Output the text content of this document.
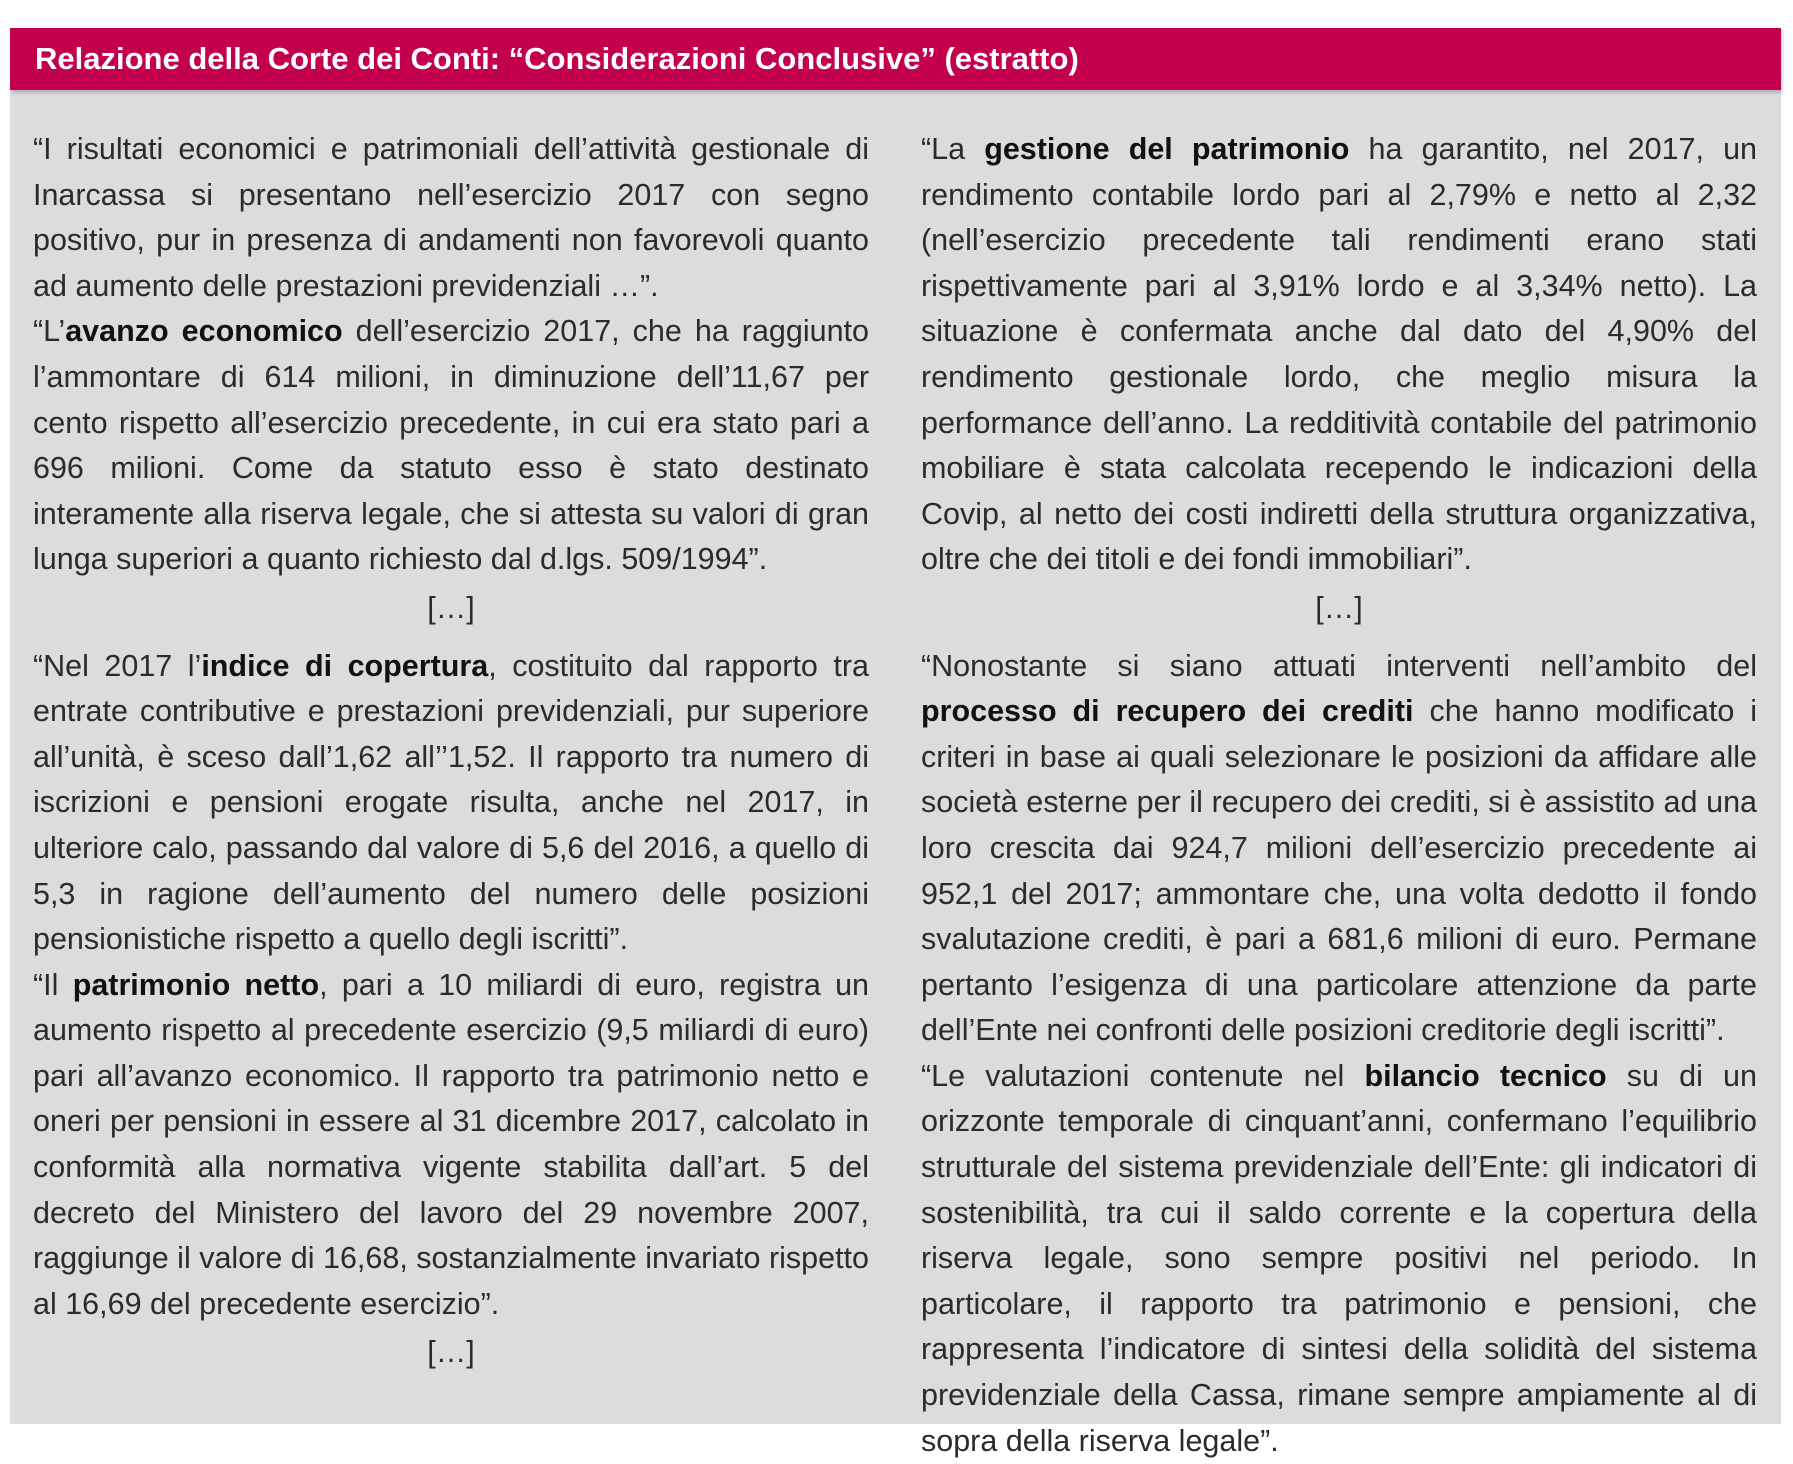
Relazione della Corte dei Conti: “Considerazioni Conclusive” (estratto)

“I risultati economici e patrimoniali dell’attività gestionale di Inarcassa si presentano nell’esercizio 2017 con segno positivo, pur in presenza di andamenti non favorevoli quanto ad aumento delle prestazioni previdenziali …”.

“L’avanzo economico dell’esercizio 2017, che ha raggiunto l’ammontare di 614 milioni, in diminuzione dell’11,67 per cento rispetto all’esercizio precedente, in cui era stato pari a 696 milioni. Come da statuto esso è stato destinato interamente alla riserva legale, che si attesta su valori di gran lunga superiori a quanto richiesto dal d.lgs. 509/1994”.

[…]

“Nel 2017 l’indice di copertura, costituito dal rapporto tra entrate contributive e prestazioni previdenziali, pur superiore all’unità, è sceso dall’1,62 all’’1,52. Il rapporto tra numero di iscrizioni e pensioni erogate risulta, anche nel 2017, in ulteriore calo, passando dal valore di 5,6 del 2016, a quello di 5,3 in ragione dell’aumento del numero delle posizioni pensionistiche rispetto a quello degli iscritti”.

“Il patrimonio netto, pari a 10 miliardi di euro, registra un aumento rispetto al precedente esercizio (9,5 miliardi di euro) pari all’avanzo economico. Il rapporto tra patrimonio netto e oneri per pensioni in essere al 31 dicembre 2017, calcolato in conformità alla normativa vigente stabilita dall’art. 5 del decreto del Ministero del lavoro del 29 novembre 2007, raggiunge il valore di 16,68, sostanzialmente invariato rispetto al 16,69 del precedente esercizio”.

[…]

“La gestione del patrimonio ha garantito, nel 2017, un rendimento contabile lordo pari al 2,79% e netto al 2,32 (nell’esercizio precedente tali rendimenti erano stati rispettivamente pari al 3,91% lordo e al 3,34% netto). La situazione è confermata anche dal dato del 4,90% del rendimento gestionale lordo, che meglio misura la performance dell’anno. La redditività contabile del patrimonio mobiliare è stata calcolata recependo le indicazioni della Covip, al netto dei costi indiretti della struttura organizzativa, oltre che dei titoli e dei fondi immobiliari”.

[…]

“Nonostante si siano attuati interventi nell’ambito del processo di recupero dei crediti che hanno modificato i criteri in base ai quali selezionare le posizioni da affidare alle società esterne per il recupero dei crediti, si è assistito ad una loro crescita dai 924,7 milioni dell’esercizio precedente ai 952,1 del 2017; ammontare che, una volta dedotto il fondo svalutazione crediti, è pari a 681,6 milioni di euro. Permane pertanto l’esigenza di una particolare attenzione da parte dell’Ente nei confronti delle posizioni creditorie degli iscritti”.

“Le valutazioni contenute nel bilancio tecnico su di un orizzonte temporale di cinquant’anni, confermano l’equilibrio strutturale del sistema previdenziale dell’Ente: gli indicatori di sostenibilità, tra cui il saldo corrente e la copertura della riserva legale, sono sempre positivi nel periodo. In particolare, il rapporto tra patrimonio e pensioni, che rappresenta l’indicatore di sintesi della solidità del sistema previdenziale della Cassa, rimane sempre ampiamente al di sopra della riserva legale”.
